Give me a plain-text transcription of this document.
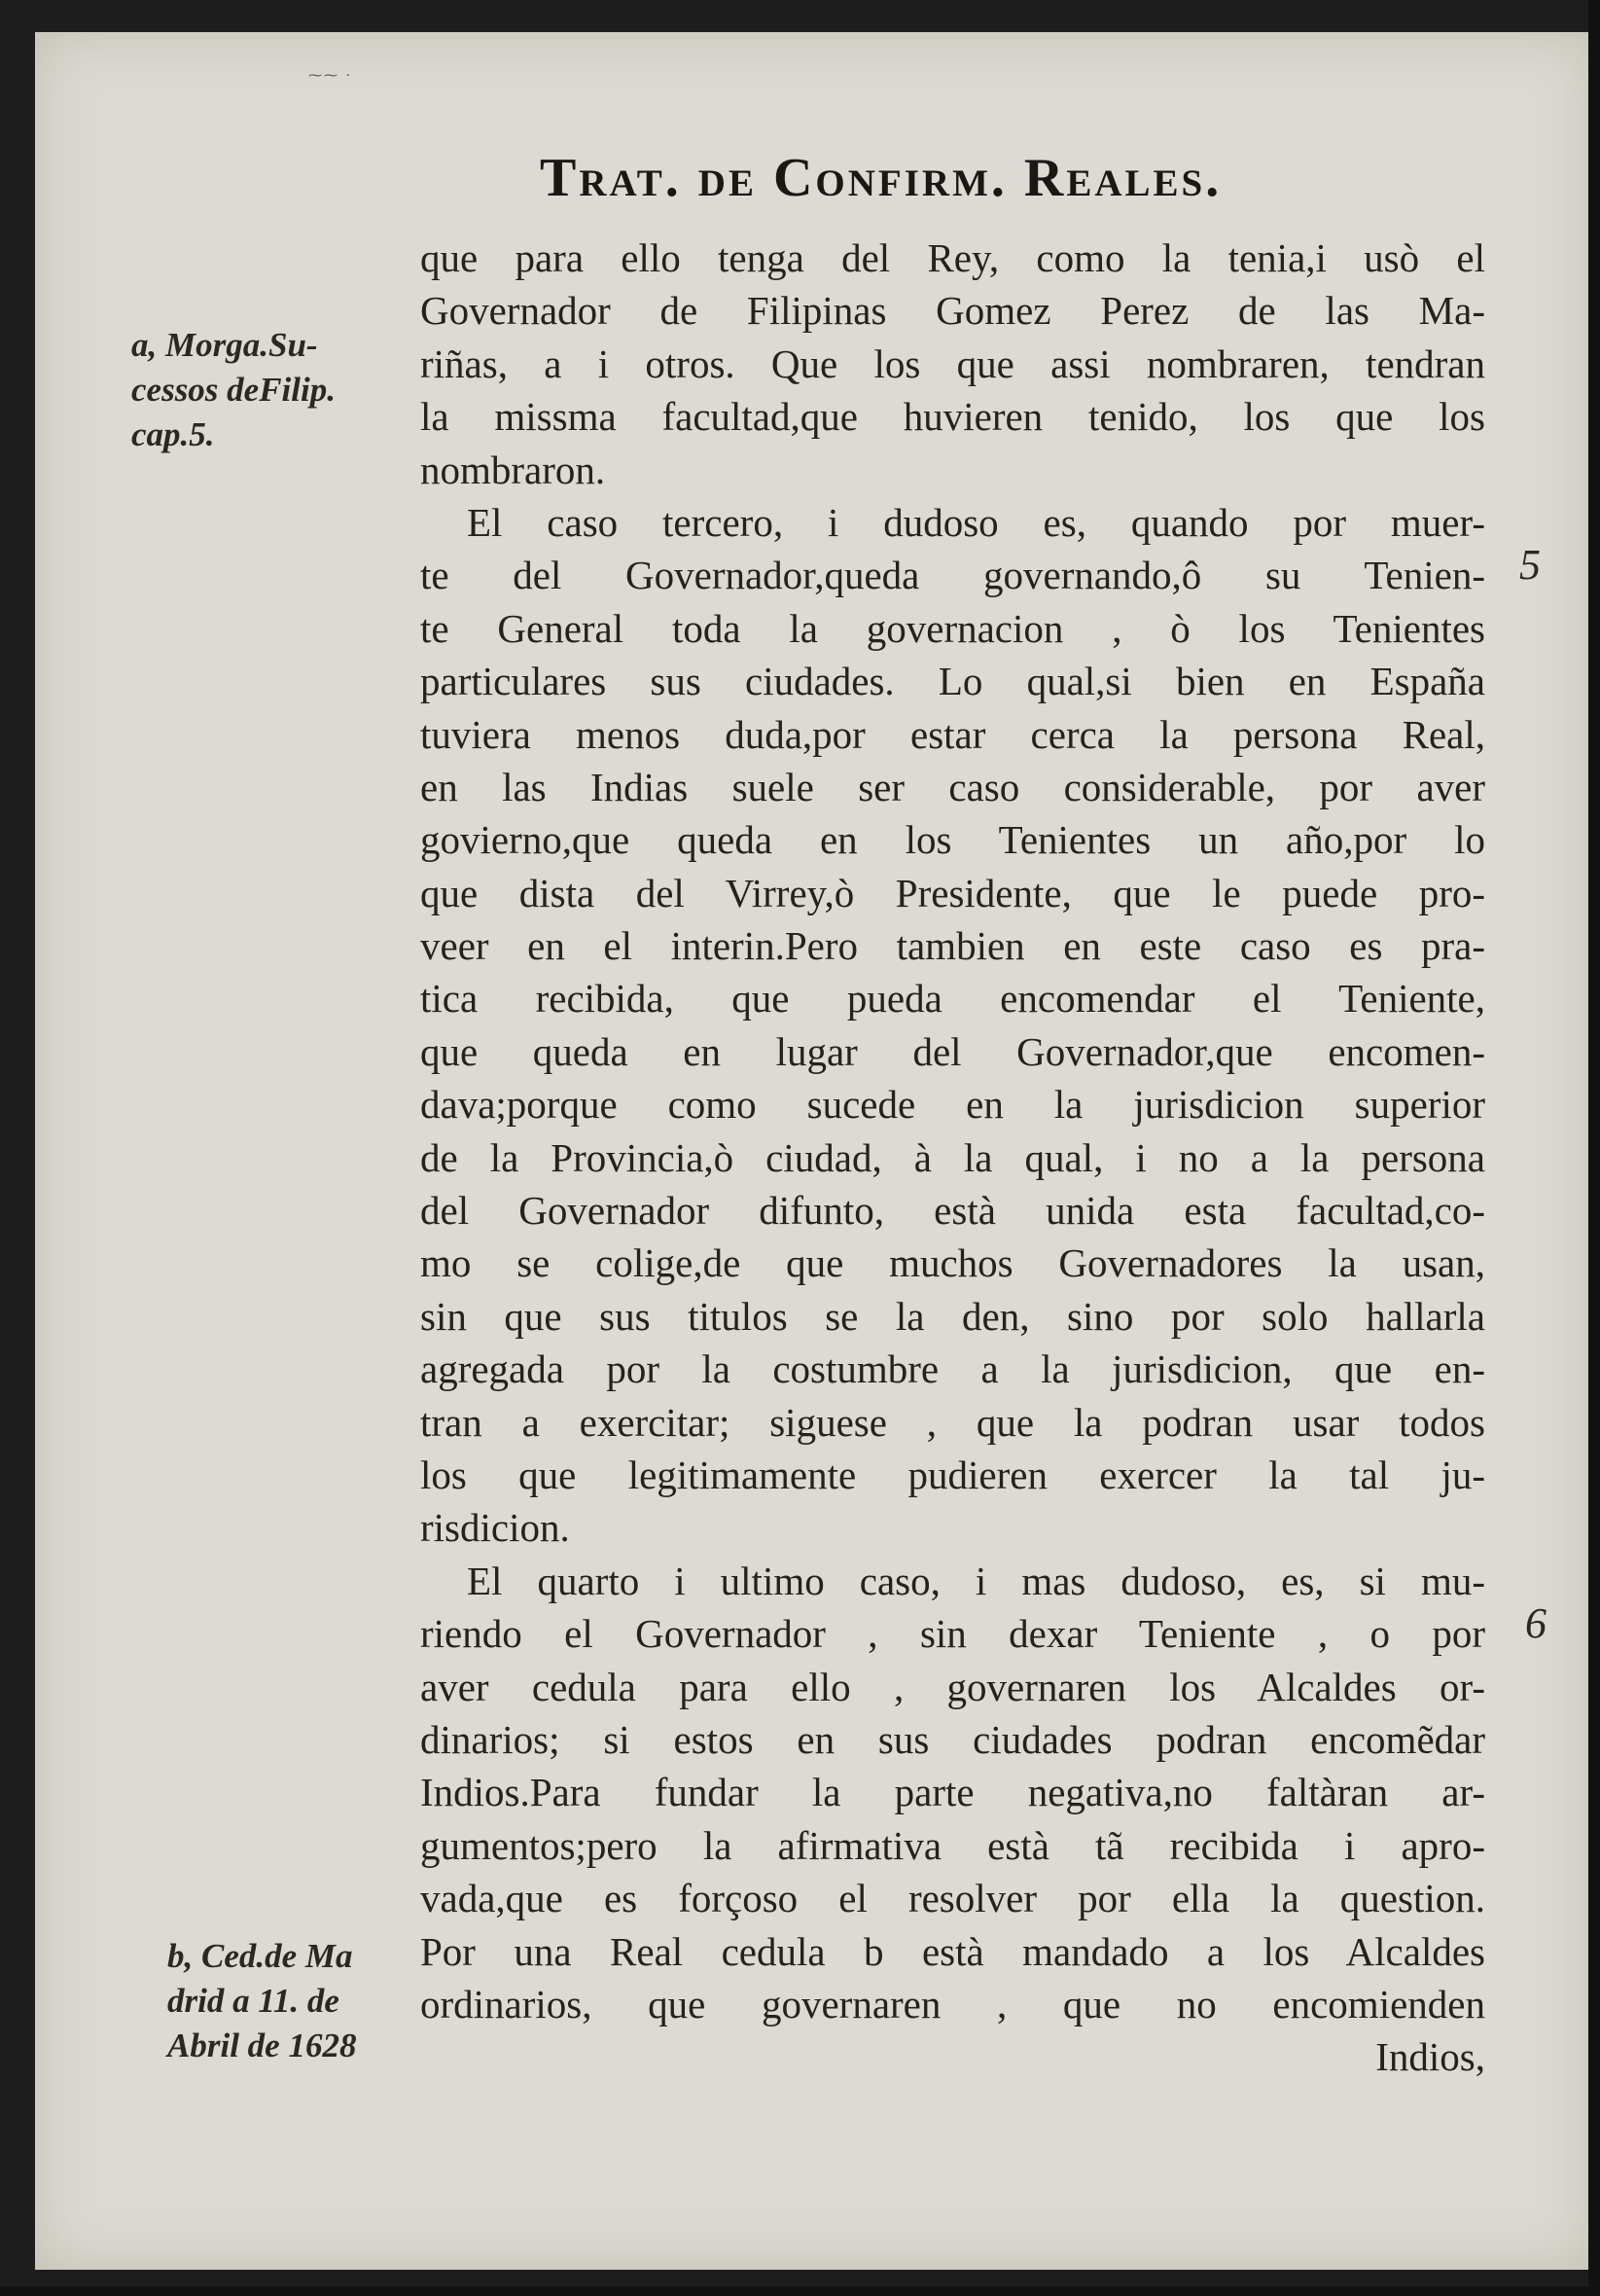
Trat. de Confirm. Reales.
a, Morga.Su-
cessos deFilip.
cap.5.
b, Ced.de Ma
drid a 11. de
Abril de 1628
5
6
que para ello tenga del Rey, como la tenia,i usò el
Governador de Filipinas Gomez Perez de las Ma-
riñas, a i otros. Que los que assi nombraren, tendran
la missma facultad,que huvieren tenido, los que los
nombraron.
El caso tercero, i dudoso es, quando por muer-
te del Governador,queda governando,ô su Tenien-
te General toda la governacion , ò los Tenientes
particulares sus ciudades. Lo qual,si bien en España
tuviera menos duda,por estar cerca la persona Real,
en las Indias suele ser caso considerable, por aver
govierno,que queda en los Tenientes un año,por lo
que dista del Virrey,ò Presidente, que le puede pro-
veer en el interin.Pero tambien en este caso es pra-
tica recibida, que pueda encomendar el Teniente,
que queda en lugar del Governador,que encomen-
dava;porque como sucede en la jurisdicion superior
de la Provincia,ò ciudad, à la qual, i no a la persona
del Governador difunto, està unida esta facultad,co-
mo se colige,de que muchos Governadores la usan,
sin que sus titulos se la den, sino por solo hallarla
agregada por la costumbre a la jurisdicion, que en-
tran a exercitar; siguese , que la podran usar todos
los que legitimamente pudieren exercer la tal ju-
risdicion.
El quarto i ultimo caso, i mas dudoso, es, si mu-
riendo el Governador , sin dexar Teniente , o por
aver cedula para ello , governaren los Alcaldes or-
dinarios; si estos en sus ciudades podran encomẽdar
Indios.Para fundar la parte negativa,no faltàran ar-
gumentos;pero la afirmativa està tã recibida i apro-
vada,que es forçoso el resolver por ella la question.
Por una Real cedula b està mandado a los Alcaldes
ordinarios, que governaren , que no encomienden
Indios,
